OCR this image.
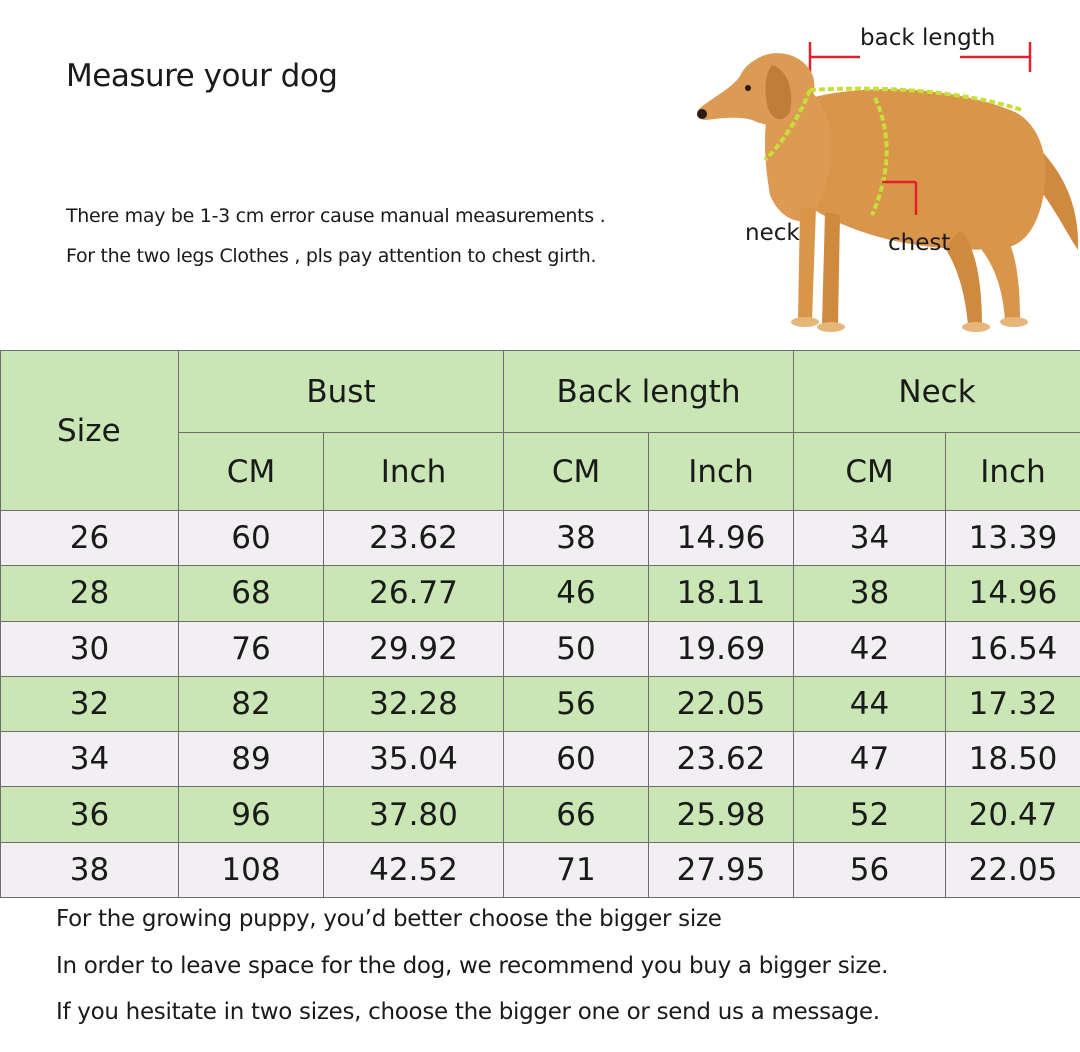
Measure your dog
There may be 1-3 cm error cause manual measurements .
For the two legs Clothes , pls pay attention to chest girth.
back length
neck	chest
Size	Bust		Back length		Neck	
	CM	Inch	CM	Inch	CM	Inch
26	60	23.62	38	14.96	34	13.39
28	68	26.77	46	18.11	38	14.96
30	76	29.92	50	19.69	42	16.54
32	82	32.28	56	22.05	44	17.32
34	89	35.04	60	23.62	47	18.50
36	96	37.80	66	25.98	52	20.47
38	108	42.52	71	27.95	56	22.05
For the growing puppy, you’d better choose the bigger size
In order to leave space for the dog, we recommend you buy a bigger size.
If you hesitate in two sizes, choose the bigger one or send us a message.
